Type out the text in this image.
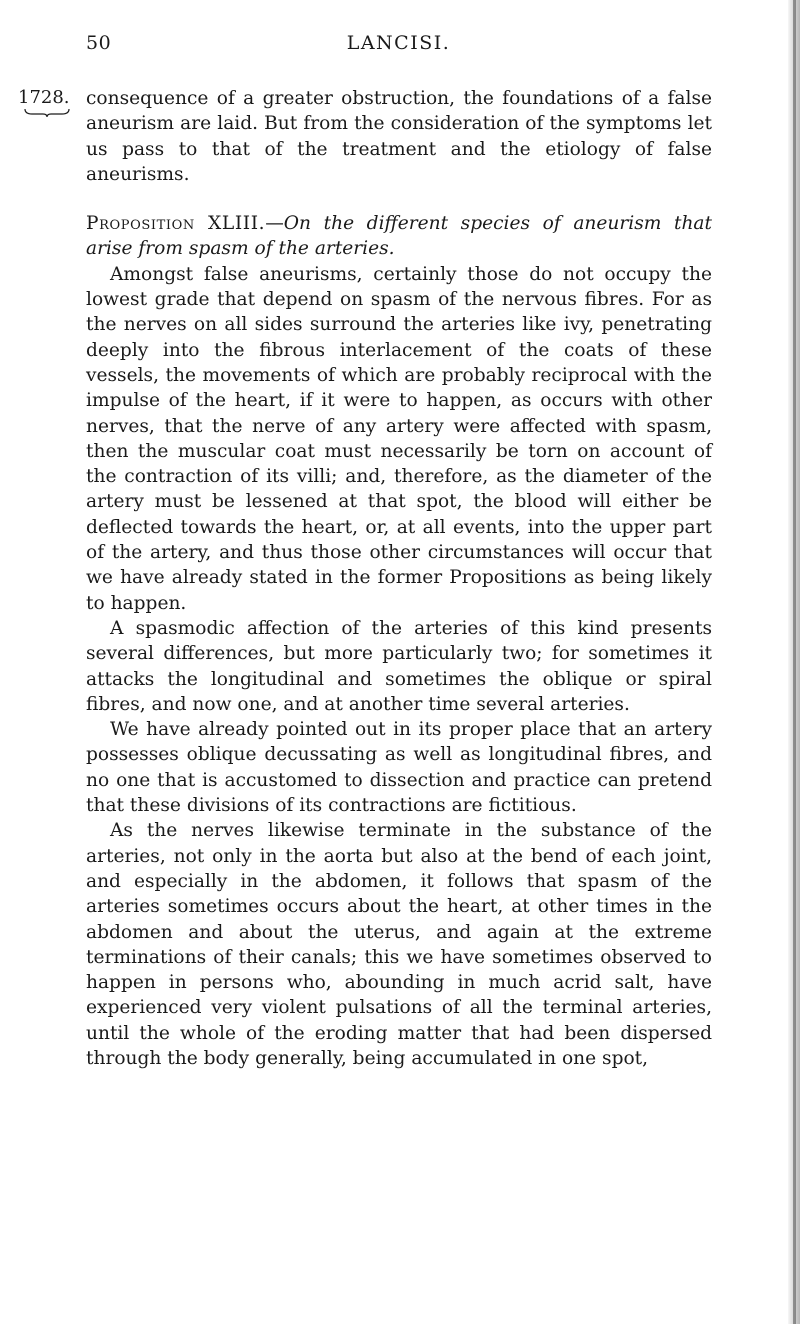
50	LANCISI.
1728. consequence of a greater obstruction, the foundations of a false aneurism are laid. But from the consideration of the symptoms let us pass to that of the treatment and the etiology of false aneurisms.

Proposition XLIII.—On the different species of aneurism that arise from spasm of the arteries.

Amongst false aneurisms, certainly those do not occupy the lowest grade that depend on spasm of the nervous fibres. For as the nerves on all sides surround the arteries like ivy, penetrating deeply into the fibrous interlacement of the coats of these vessels, the movements of which are probably reciprocal with the impulse of the heart, if it were to happen, as occurs with other nerves, that the nerve of any artery were affected with spasm, then the muscular coat must necessarily be torn on account of the contraction of its villi; and, therefore, as the diameter of the artery must be lessened at that spot, the blood will either be deflected towards the heart, or, at all events, into the upper part of the artery, and thus those other circumstances will occur that we have already stated in the former Propositions as being likely to happen.

A spasmodic affection of the arteries of this kind presents several differences, but more particularly two; for sometimes it attacks the longitudinal and sometimes the oblique or spiral fibres, and now one, and at another time several arteries.

We have already pointed out in its proper place that an artery possesses oblique decussating as well as longitudinal fibres, and no one that is accustomed to dissection and practice can pretend that these divisions of its contractions are fictitious.

As the nerves likewise terminate in the substance of the arteries, not only in the aorta but also at the bend of each joint, and especially in the abdomen, it follows that spasm of the arteries sometimes occurs about the heart, at other times in the abdomen and about the uterus, and again at the extreme terminations of their canals; this we have sometimes observed to happen in persons who, abounding in much acrid salt, have experienced very violent pulsations of all the terminal arteries, until the whole of the eroding matter that had been dispersed through the body generally, being accumulated in one spot,
